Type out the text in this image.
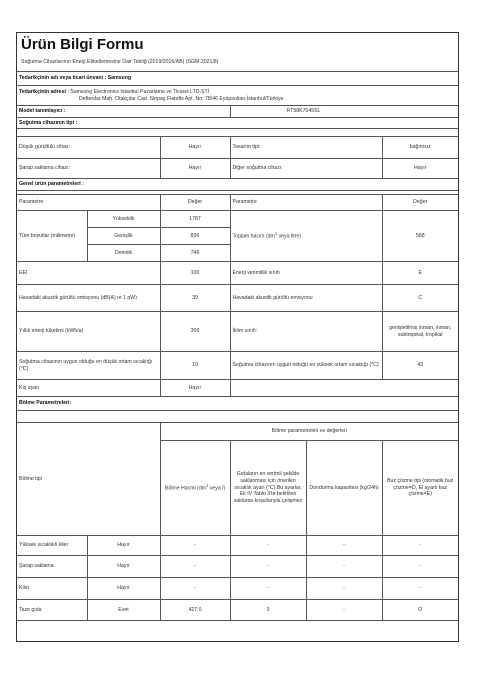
Ürün Bilgi Formu
Soğutma Cihazlarının Enerji Etiketlemesine Dair Tebliğ (2019/2016/AB) (SGM:2021/8)
Tedarikçinin adı veya ticari ünvanı : Samsung					

Tedarikçinin adresi : Samsung Electronics Istanbul Pazarlama ve Ticaret LTD.ŞTİ
Defterdar Mah. Otakçılar Cad. Sinpaş Flatofis Apt. No: 78/46 Eyüpsultan-İstanbul/Türkiye					

Model tanımlayıcı :			RT58K7045SL		
Soğutma cihazının tipi :					

Düşük gürültülü cihaz:		Hayır	Tasarım tipi:		bağımsız
Şarap saklama cihazı:		Hayır	Diğer soğutma cihazı:		Hayır
Genel ürün parametreleri :					

Parametre		Değer	Parametre		Değer
Tüm boyutlar (milimetre)	Yükseklik	1787	Toplam hacim ($dm^3$ veya litre)		588
	Genişlik	836			
	Derinlik	746			
EEI		100	Enerji verimlilik sınıfı		E
Havadaki akustik gürültü emisyonu (dB(A) re 1 pW)		39	Havadaki akustik gürültü emisyonu		C
Yıllık enerji tüketimi (kWh/a)		306	İklim sınıfı:		genişletilmiş ılıman, ılıman, subtropikal, tropikal
Soğutma cihazının uygun olduğu en düşük ortam sıcaklığı (°C)		10	Soğutma cihazının uygun olduğu en yüksek ortam sıcaklığı (°C)		43
Kış ayarı		Hayır			
Bölme Parametreleri:					

Bölme tipi		Bölme parametreleri ve değerleri			
		Bölme Hacmi ($dm^3$ veya l)	Gıdaların en verimli şekilde saklanması için önerilen sıcaklık ayarı (°C) Bu ayarlar, Ek IV Tablo 3'te belirtilen saklama koşullarıyla çelişmez	Dondurma kapasitesi (kg/24h)	Buz çözme tipi (otomatik buz çözme=O, El ayarlı buz çözme=E)
Yüksek sıcaklıklı kiler	Hayır	-	-	-	-
Şarap saklama	Hayır	-	-	-	-
Kiler	Hayır	-	-	-	-
Taze gıda	Evet	427,0	3	-	O
